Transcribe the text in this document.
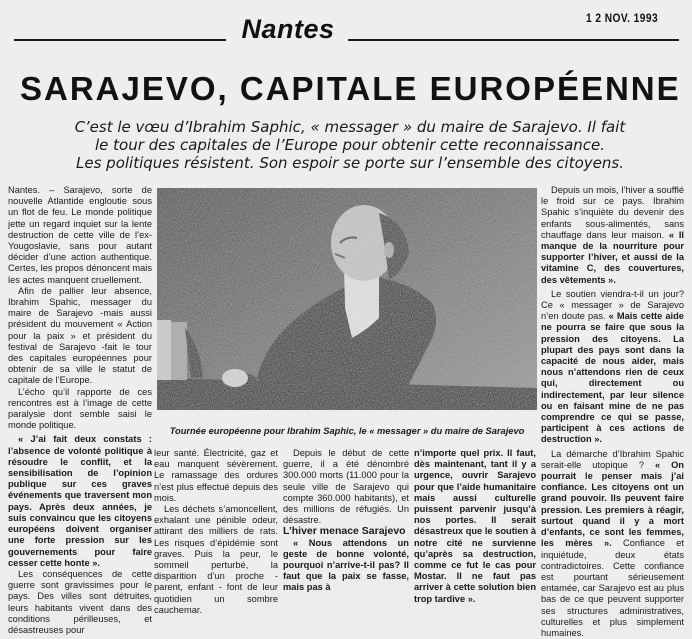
Nantes	1 2 NOV. 1993
SARAJEVO, CAPITALE EUROPÉENNE
C’est le vœu d’Ibrahim Saphic, « messager » du maire de Sarajevo. Il fait
le tour des capitales de l’Europe pour obtenir cette reconnaissance.
Les politiques résistent. Son espoir se porte sur l’ensemble des citoyens.

Nantes. – Sarajevo, sorte de nouvelle Atlantide engloutie sous un flot de feu. Le monde politique jette un regard inquiet sur la lente destruction de cette ville de l’ex-Yougoslavie, sans pour autant décider d’une action authentique. Certes, les propos dénoncent mais les actes manquent cruellement.

Afin de pallier leur absence, Ibrahim Spahic, messager du maire de Sarajevo -mais aussi président du mouvement « Action pour la paix » et président du festival de Sarajevo -fait le tour des capitales européennes pour obtenir de sa ville le statut de capitale de l’Europe.

L’écho qu’il rapporte de ces rencontres est à l’image de cette paralysie dont semble saisi le monde politique.

« J’ai fait deux constats : l’absence de volonté politique à résoudre le conflit, et la sensibilisation de l’opinion publique sur ces graves événements que traversent mon pays. Après deux années, je suis convaincu que les citoyens européens doivent organiser une forte pression sur les gouvernements pour faire cesser cette honte ».

Les conséquences de cette guerre sont gravissimes pour le pays. Des villes sont détruites, leurs habitants vivent dans des conditions périlleuses, et désastreuses pour

Tournée européenne pour Ibrahim Saphic, le « messager » du maire de Sarajevo

leur santé. Électricité, gaz et eau manquent sévèrement. Le ramassage des ordures n’est plus effectué depuis des mois.

Les déchets s’amoncellent, exhalant une pénible odeur, attirant des milliers de rats. Les risques d’épidémie sont graves. Puis la peur, le sommeil perturbé, la disparition d’un proche -parent, enfant - font de leur quotidien un sombre cauchemar.

Depuis le début de cette guerre, il a été dénombré 300.000 morts (11.000 pour la seule ville de Sarajevo qui compte 360.000 habitants), et des millions de réfugiés. Un désastre.

L’hiver menace Sarajevo

« Nous attendons un geste de bonne volonté, pourquoi n’arrive-t-il pas? Il faut que la paix se fasse, mais pas à

n’importe quel prix. Il faut, dès maintenant, tant il y a urgence, ouvrir Sarajevo pour que l’aide humanitaire mais aussi culturelle puissent parvenir jusqu’à nos portes. Il serait désastreux que le soutien à notre cité ne survienne qu’après sa destruction, comme ce fut le cas pour Mostar. Il ne faut pas arriver à cette solution bien trop tardive ».

Depuis un mois, l’hiver a soufflé le froid sur ce pays. Ibrahim Spahic s’inquiète du devenir des enfants sous-alimentés, sans chauffage dans leur maison. « Il manque de la nourriture pour supporter l’hiver, et aussi de la vitamine C, des couvertures, des vêtements ».

Le soutien viendra-t-il un jour? Ce « messager » de Sarajevo n’en doute pas. « Mais cette aide ne pourra se faire que sous la pression des citoyens. La plupart des pays sont dans la capacité de nous aider, mais nous n’attendons rien de ceux qui, directement ou indirectement, par leur silence ou en faisant mine de ne pas comprendre ce qui se passe, participent à ces actions de destruction ».

La démarche d’Ibrahim Spahic serait-elle utopique ? « On pourrait le penser mais j’ai confiance. Les citoyens ont un grand pouvoir. Ils peuvent faire pression. Les premiers à réagir, surtout quand il y a mort d’enfants, ce sont les femmes, les mères ». Confiance et inquiétude, deux états contradictoires. Cette confiance est pourtant sérieusement entamée, car Sarajevo est au plus bas de ce que peuvent supporter ses structures administratives, culturelles et plus simplement humaines.
